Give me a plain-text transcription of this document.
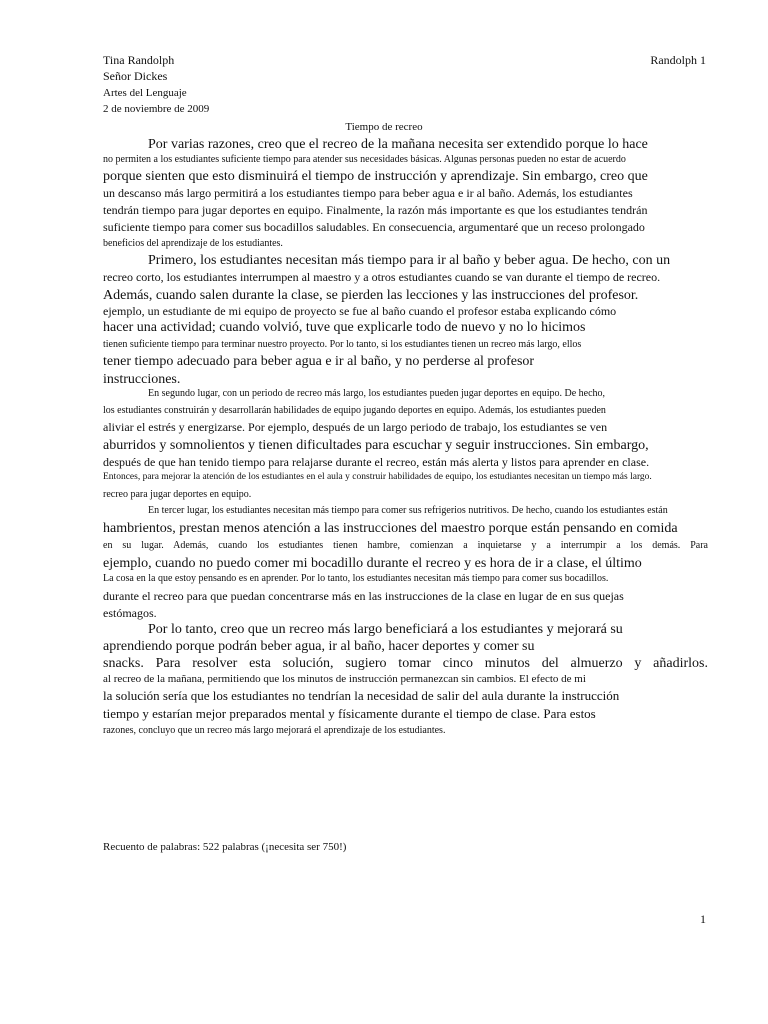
Tina Randolph	Randolph 1
Señor Dickes
Artes del Lenguaje
2 de noviembre de 2009
Tiempo de recreo
Por varias razones, creo que el recreo de la mañana necesita ser extendido porque lo hace
no permiten a los estudiantes suficiente tiempo para atender sus necesidades básicas. Algunas personas pueden no estar de acuerdo
porque sienten que esto disminuirá el tiempo de instrucción y aprendizaje. Sin embargo, creo que
un descanso más largo permitirá a los estudiantes tiempo para beber agua e ir al baño. Además, los estudiantes
tendrán tiempo para jugar deportes en equipo. Finalmente, la razón más importante es que los estudiantes tendrán
suficiente tiempo para comer sus bocadillos saludables. En consecuencia, argumentaré que un receso prolongado
beneficios del aprendizaje de los estudiantes.
Primero, los estudiantes necesitan más tiempo para ir al baño y beber agua. De hecho, con un
recreo corto, los estudiantes interrumpen al maestro y a otros estudiantes cuando se van durante el tiempo de recreo.
Además, cuando salen durante la clase, se pierden las lecciones y las instrucciones del profesor.
ejemplo, un estudiante de mi equipo de proyecto se fue al baño cuando el profesor estaba explicando cómo
hacer una actividad; cuando volvió, tuve que explicarle todo de nuevo y no lo hicimos
tienen suficiente tiempo para terminar nuestro proyecto. Por lo tanto, si los estudiantes tienen un recreo más largo, ellos
tener tiempo adecuado para beber agua e ir al baño, y no perderse al profesor
instrucciones.
En segundo lugar, con un periodo de recreo más largo, los estudiantes pueden jugar deportes en equipo. De hecho,
los estudiantes construirán y desarrollarán habilidades de equipo jugando deportes en equipo. Además, los estudiantes pueden
aliviar el estrés y energizarse. Por ejemplo, después de un largo periodo de trabajo, los estudiantes se ven
aburridos y somnolientos y tienen dificultades para escuchar y seguir instrucciones. Sin embargo,
después de que han tenido tiempo para relajarse durante el recreo, están más alerta y listos para aprender en clase.
Entonces, para mejorar la atención de los estudiantes en el aula y construir habilidades de equipo, los estudiantes necesitan un tiempo más largo.
recreo para jugar deportes en equipo.
En tercer lugar, los estudiantes necesitan más tiempo para comer sus refrigerios nutritivos. De hecho, cuando los estudiantes están
hambrientos, prestan menos atención a las instrucciones del maestro porque están pensando en comida
en su lugar. Además, cuando los estudiantes tienen hambre, comienzan a inquietarse y a interrumpir a los demás. Para
ejemplo, cuando no puedo comer mi bocadillo durante el recreo y es hora de ir a clase, el último
La cosa en la que estoy pensando es en aprender. Por lo tanto, los estudiantes necesitan más tiempo para comer sus bocadillos.
durante el recreo para que puedan concentrarse más en las instrucciones de la clase en lugar de en sus quejas
estómagos.
Por lo tanto, creo que un recreo más largo beneficiará a los estudiantes y mejorará su
aprendiendo porque podrán beber agua, ir al baño, hacer deportes y comer su
snacks. Para resolver esta solución, sugiero tomar cinco minutos del almuerzo y añadirlos.
al recreo de la mañana, permitiendo que los minutos de instrucción permanezcan sin cambios. El efecto de mi
la solución sería que los estudiantes no tendrían la necesidad de salir del aula durante la instrucción
tiempo y estarían mejor preparados mental y físicamente durante el tiempo de clase. Para estos
razones, concluyo que un recreo más largo mejorará el aprendizaje de los estudiantes.
Recuento de palabras: 522 palabras (¡necesita ser 750!)
1
